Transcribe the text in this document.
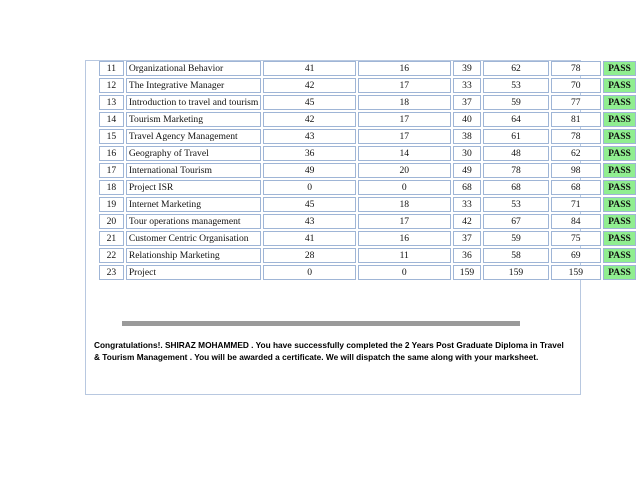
11	Organizational Behavior	41	16	39	62	78	PASS
12	The Integrative Manager	42	17	33	53	70	PASS
13	Introduction to travel and tourism	45	18	37	59	77	PASS
14	Tourism Marketing	42	17	40	64	81	PASS
15	Travel Agency Management	43	17	38	61	78	PASS
16	Geography of Travel	36	14	30	48	62	PASS
17	International Tourism	49	20	49	78	98	PASS
18	Project ISR	0	0	68	68	68	PASS
19	Internet Marketing	45	18	33	53	71	PASS
20	Tour operations management	43	17	42	67	84	PASS
21	Customer Centric Organisation	41	16	37	59	75	PASS
22	Relationship Marketing	28	11	36	58	69	PASS
23	Project	0	0	159	159	159	PASS
Congratulations!. SHIRAZ MOHAMMED . You have successfully completed the 2 Years Post Graduate Diploma in Travel & Tourism Management . You will be awarded a certificate. We will dispatch the same along with your marksheet.
